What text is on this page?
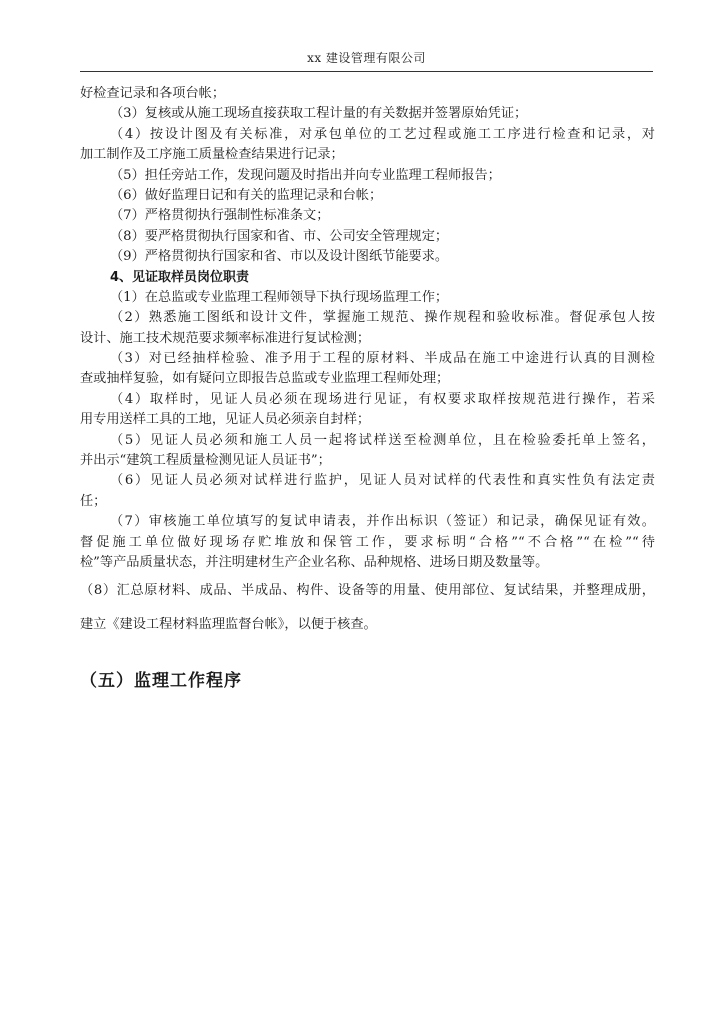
xx 建设管理有限公司
好检查记录和各项台帐；
（3）复核或从施工现场直接获取工程计量的有关数据并签署原始凭证；
（4）按设计图及有关标准，对承包单位的工艺过程或施工工序进行检查和记录，对
加工制作及工序施工质量检查结果进行记录；
（5）担任旁站工作，发现问题及时指出并向专业监理工程师报告；
（6）做好监理日记和有关的监理记录和台帐；
（7）严格贯彻执行强制性标准条文；
（8）要严格贯彻执行国家和省、市、公司安全管理规定；
（9）严格贯彻执行国家和省、市以及设计图纸节能要求。
4、见证取样员岗位职责
（1）在总监或专业监理工程师领导下执行现场监理工作；
（2）熟悉施工图纸和设计文件，掌握施工规范、操作规程和验收标准。督促承包人按
设计、施工技术规范要求频率标准进行复试检测；
（3）对已经抽样检验、准予用于工程的原材料、半成品在施工中途进行认真的目测检
查或抽样复验，如有疑问立即报告总监或专业监理工程师处理；
（4）取样时，见证人员必须在现场进行见证，有权要求取样按规范进行操作，若采
用专用送样工具的工地，见证人员必须亲自封样；
（5）见证人员必须和施工人员一起将试样送至检测单位，且在检验委托单上签名，
并出示“建筑工程质量检测见证人员证书”；
（6）见证人员必须对试样进行监护，见证人员对试样的代表性和真实性负有法定责
任；
（7）审核施工单位填写的复试申请表，并作出标识（签证）和记录，确保见证有效。
督促施工单位做好现场存贮堆放和保管工作，要求标明“合格”“不合格”“在检”“待
检”等产品质量状态，并注明建材生产企业名称、品种规格、进场日期及数量等。
（8）汇总原材料、成品、半成品、构件、设备等的用量、使用部位、复试结果，并整理成册，
建立《建设工程材料监理监督台帐》，以便于核查。
（五）监理工作程序
